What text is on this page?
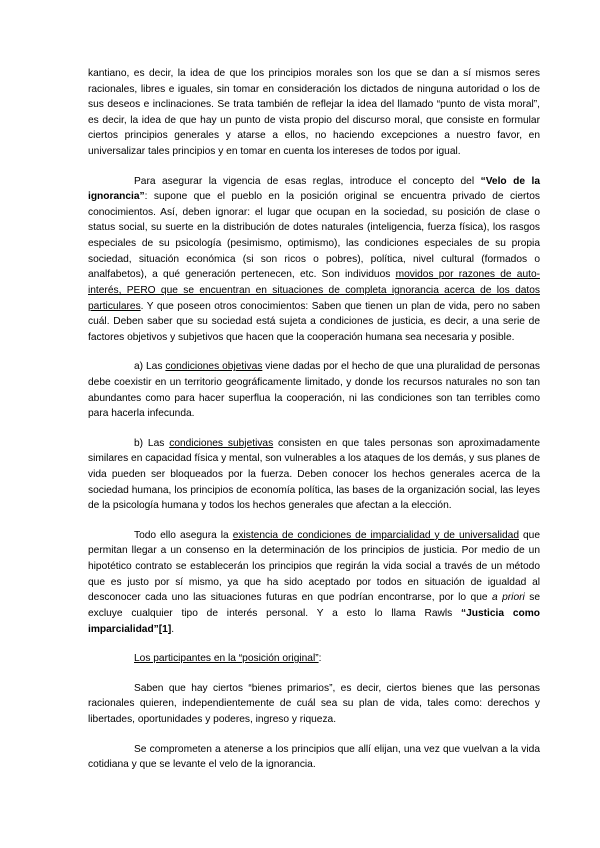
kantiano, es decir, la idea de que los principios morales son los que se dan a sí mismos seres racionales, libres e iguales, sin tomar en consideración los dictados de ninguna autoridad o los de sus deseos e inclinaciones. Se trata también de reflejar la idea del llamado “punto de vista moral”, es decir, la idea de que hay un punto de vista propio del discurso moral, que consiste en formular ciertos principios generales y atarse a ellos, no haciendo excepciones a nuestro favor, en universalizar tales principios y en tomar en cuenta los intereses de todos por igual.

Para asegurar la vigencia de esas reglas, introduce el concepto del “Velo de la ignorancia”: supone que el pueblo en la posición original se encuentra privado de ciertos conocimientos. Así, deben ignorar: el lugar que ocupan en la sociedad, su posición de clase o status social, su suerte en la distribución de dotes naturales (inteligencia, fuerza física), los rasgos especiales de su psicología (pesimismo, optimismo), las condiciones especiales de su propia sociedad, situación económica (si son ricos o pobres), política, nivel cultural (formados o analfabetos), a qué generación pertenecen, etc. Son individuos movidos por razones de auto-interés, PERO que se encuentran en situaciones de completa ignorancia acerca de los datos particulares. Y que poseen otros conocimientos: Saben que tienen un plan de vida, pero no saben cuál. Deben saber que su sociedad está sujeta a condiciones de justicia, es decir, a una serie de factores objetivos y subjetivos que hacen que la cooperación humana sea necesaria y posible.

a) Las condiciones objetivas viene dadas por el hecho de que una pluralidad de personas debe coexistir en un territorio geográficamente limitado, y donde los recursos naturales no son tan abundantes como para hacer superflua la cooperación, ni las condiciones son tan terribles como para hacerla infecunda.

b) Las condiciones subjetivas consisten en que tales personas son aproximadamente similares en capacidad física y mental, son vulnerables a los ataques de los demás, y sus planes de vida pueden ser bloqueados por la fuerza. Deben conocer los hechos generales acerca de la sociedad humana, los principios de economía política, las bases de la organización social, las leyes de la psicología humana y todos los hechos generales que afectan a la elección.

Todo ello asegura la existencia de condiciones de imparcialidad y de universalidad que permitan llegar a un consenso en la determinación de los principios de justicia. Por medio de un hipotético contrato se establecerán los principios que regirán la vida social a través de un método que es justo por sí mismo, ya que ha sido aceptado por todos en situación de igualdad al desconocer cada uno las situaciones futuras en que podrían encontrarse, por lo que a priori se excluye cualquier tipo de interés personal. Y a esto lo llama Rawls “Justicia como imparcialidad”[1].

Los participantes en la “posición original”:

Saben que hay ciertos “bienes primarios”, es decir, ciertos bienes que las personas racionales quieren, independientemente de cuál sea su plan de vida, tales como: derechos y libertades, oportunidades y poderes, ingreso y riqueza.

Se comprometen a atenerse a los principios que allí elijan, una vez que vuelvan a la vida cotidiana y que se levante el velo de la ignorancia.
